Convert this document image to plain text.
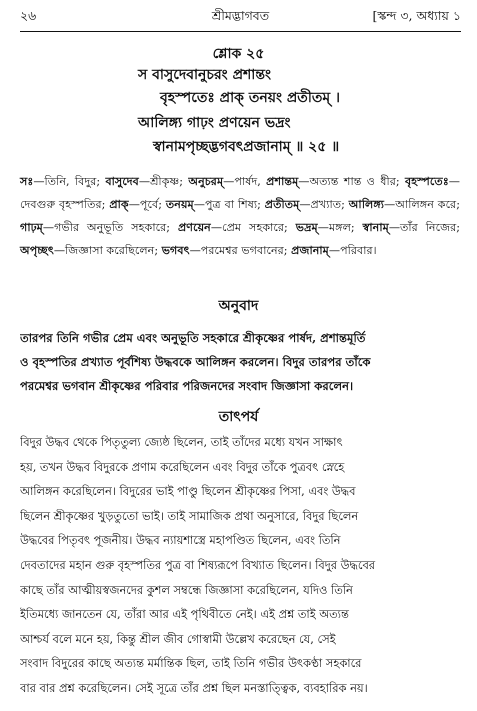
২৬	শ্রীমদ্ভাগবত	[স্কন্দ ৩, অধ্যায় ১
শ্লোক ২৫
স বাসুদেবানুচরং প্রশান্তং
বৃহস্পতেঃ প্রাক্ তনয়ং প্রতীতম্ ।
আলিঙ্গ্য গাঢ়ং প্রণয়েন ভদ্রং
স্বানামপৃচ্ছদ্ভগবৎপ্রজানাম্ ॥ ২৫ ॥
সঃ—তিনি, বিদুর; বাসুদেব—শ্রীকৃষ্ণ; অনুচরম্—পার্ষদ, প্রশান্তম্—অত্যন্ত শান্ত ও ধীর; বৃহস্পতেঃ—দেবগুরু বৃহস্পতির; প্রাক্—পূর্বে; তনয়ম্—পুত্র বা শিষ্য; প্রতীতম্—প্রখ্যাত; আলিঙ্গ্য—আলিঙ্গন করে; গাঢ়ম্—গভীর অনুভূতি সহকারে; প্রণয়েন—প্রেম সহকারে; ভদ্রম্—মঙ্গল; স্বানাম্—তাঁর নিজের; অপৃচ্ছৎ—জিজ্ঞাসা করেছিলেন; ভগবৎ—পরমেশ্বর ভগবানের; প্রজানাম্—পরিবার।
অনুবাদ
তারপর তিনি গভীর প্রেম এবং অনুভূতি সহকারে শ্রীকৃষ্ণের পার্ষদ, প্রশান্তমূর্তি
ও বৃহস্পতির প্রখ্যাত পূর্বশিষ্য উদ্ধবকে আলিঙ্গন করলেন। বিদুর তারপর তাঁকে
পরমেশ্বর ভগবান শ্রীকৃষ্ণের পরিবার পরিজনদের সংবাদ জিজ্ঞাসা করলেন।
তাৎপর্য
বিদুর উদ্ধব থেকে পিতৃতুল্য জ্যেষ্ঠ ছিলেন, তাই তাঁদের মধ্যে যখন সাক্ষাৎ
হয়, তখন উদ্ধব বিদুরকে প্রণাম করেছিলেন এবং বিদুর তাঁকে পুত্রবৎ স্নেহে
আলিঙ্গন করেছিলেন। বিদুরের ভাই পাণ্ডু ছিলেন শ্রীকৃষ্ণের পিসা, এবং উদ্ধব
ছিলেন শ্রীকৃষ্ণের খুড়তুতো ভাই। তাই সামাজিক প্রথা অনুসারে, বিদুর ছিলেন
উদ্ধবের পিতৃবৎ পূজনীয়। উদ্ধব ন্যায়শাস্ত্রে মহাপণ্ডিত ছিলেন, এবং তিনি
দেবতাদের মহান গুরু বৃহস্পতির পুত্র বা শিষ্যরূপে বিখ্যাত ছিলেন। বিদুর উদ্ধবের
কাছে তাঁর আত্মীয়স্বজনদের কুশল সম্বন্ধে জিজ্ঞাসা করেছিলেন, যদিও তিনি
ইতিমধ্যে জানতেন যে, তাঁরা আর এই পৃথিবীতে নেই। এই প্রশ্ন তাই অত্যন্ত
আশ্চর্য বলে মনে হয়, কিন্তু শ্রীল জীব গোস্বামী উল্লেখ করেছেন যে, সেই
সংবাদ বিদুরের কাছে অত্যন্ত মর্মান্তিক ছিল, তাই তিনি গভীর উৎকণ্ঠা সহকারে
বার বার প্রশ্ন করেছিলেন। সেই সূত্রে তাঁর প্রশ্ন ছিল মনস্তাত্ত্বিক, ব্যবহারিক নয়।
